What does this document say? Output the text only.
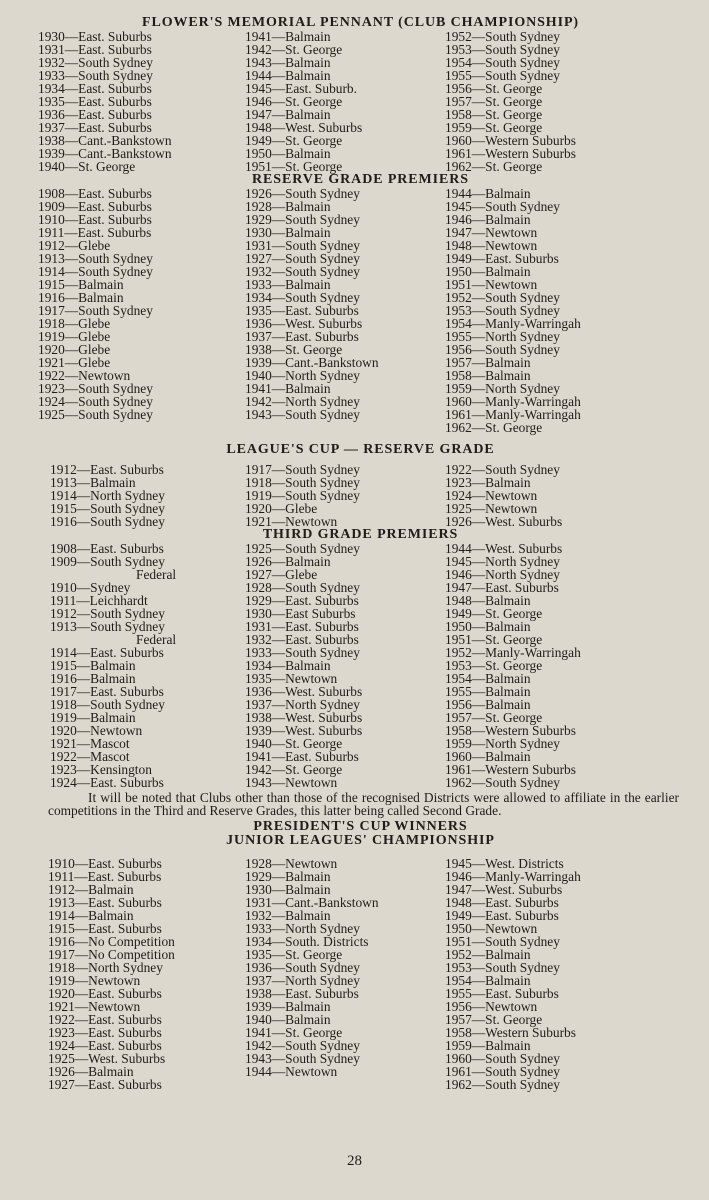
FLOWER'S MEMORIAL PENNANT (CLUB CHAMPIONSHIP)
1930—East. Suburbs
1931—East. Suburbs
1932—South Sydney
1933—South Sydney
1934—East. Suburbs
1935—East. Suburbs
1936—East. Suburbs
1937—East. Suburbs
1938—Cant.-Bankstown
1939—Cant.-Bankstown
1940—St. George
1941—Balmain
1942—St. George
1943—Balmain
1944—Balmain
1945—East. Suburb.
1946—St. George
1947—Balmain
1948—West. Suburbs
1949—St. George
1950—Balmain
1951—St. George
1952—South Sydney
1953—South Sydney
1954—South Sydney
1955—South Sydney
1956—St. George
1957—St. George
1958—St. George
1959—St. George
1960—Western Suburbs
1961—Western Suburbs
1962—St. George
RESERVE GRADE PREMIERS
1908—East. Suburbs
1909—East. Suburbs
1910—East. Suburbs
1911—East. Suburbs
1912—Glebe
1913—South Sydney
1914—South Sydney
1915—Balmain
1916—Balmain
1917—South Sydney
1918—Glebe
1919—Glebe
1920—Glebe
1921—Glebe
1922—Newtown
1923—South Sydney
1924—South Sydney
1925—South Sydney
1926—South Sydney
1928—Balmain
1929—South Sydney
1930—Balmain
1931—South Sydney
1927—South Sydney
1932—South Sydney
1933—Balmain
1934—South Sydney
1935—East. Suburbs
1936—West. Suburbs
1937—East. Suburbs
1938—St. George
1939—Cant.-Bankstown
1940—North Sydney
1941—Balmain
1942—North Sydney
1943—South Sydney
1944—Balmain
1945—South Sydney
1946—Balmain
1947—Newtown
1948—Newtown
1949—East. Suburbs
1950—Balmain
1951—Newtown
1952—South Sydney
1953—South Sydney
1954—Manly-Warringah
1955—North Sydney
1956—South Sydney
1957—Balmain
1958—Balmain
1959—North Sydney
1960—Manly-Warringah
1961—Manly-Warringah
1962—St. George
LEAGUE'S CUP — RESERVE GRADE
1912—East. Suburbs
1913—Balmain
1914—North Sydney
1915—South Sydney
1916—South Sydney
1917—South Sydney
1918—South Sydney
1919—South Sydney
1920—Glebe
1921—Newtown
1922—South Sydney
1923—Balmain
1924—Newtown
1925—Newtown
1926—West. Suburbs
THIRD GRADE PREMIERS
1908—East. Suburbs
1909—South Sydney
Federal
1910—Sydney
1911—Leichhardt
1912—South Sydney
1913—South Sydney
Federal
1914—East. Suburbs
1915—Balmain
1916—Balmain
1917—East. Suburbs
1918—South Sydney
1919—Balmain
1920—Newtown
1921—Mascot
1922—Mascot
1923—Kensington
1924—East. Suburbs
1925—South Sydney
1926—Balmain
1927—Glebe
1928—South Sydney
1929—East. Suburbs
1930—East Suburbs
1931—East. Suburbs
1932—East. Suburbs
1933—South Sydney
1934—Balmain
1935—Newtown
1936—West. Suburbs
1937—North Sydney
1938—West. Suburbs
1939—West. Suburbs
1940—St. George
1941—East. Suburbs
1942—St. George
1943—Newtown
1944—West. Suburbs
1945—North Sydney
1946—North Sydney
1947—East. Suburbs
1948—Balmain
1949—St. George
1950—Balmain
1951—St. George
1952—Manly-Warringah
1953—St. George
1954—Balmain
1955—Balmain
1956—Balmain
1957—St. George
1958—Western Suburbs
1959—North Sydney
1960—Balmain
1961—Western Suburbs
1962—South Sydney

It will be noted that Clubs other than those of the recognised Districts were allowed to affiliate in the earlier competitions in the Third and Reserve Grades, this latter being called Second Grade.

PRESIDENT'S CUP WINNERS
JUNIOR LEAGUES' CHAMPIONSHIP
1910—East. Suburbs
1911—East. Suburbs
1912—Balmain
1913—East. Suburbs
1914—Balmain
1915—East. Suburbs
1916—No Competition
1917—No Competition
1918—North Sydney
1919—Newtown
1920—East. Suburbs
1921—Newtown
1922—East. Suburbs
1923—East. Suburbs
1924—East. Suburbs
1925—West. Suburbs
1926—Balmain
1927—East. Suburbs
1928—Newtown
1929—Balmain
1930—Balmain
1931—Cant.-Bankstown
1932—Balmain
1933—North Sydney
1934—South. Districts
1935—St. George
1936—South Sydney
1937—North Sydney
1938—East. Suburbs
1939—Balmain
1940—Balmain
1941—St. George
1942—South Sydney
1943—South Sydney
1944—Newtown
1945—West. Districts
1946—Manly-Warringah
1947—West. Suburbs
1948—East. Suburbs
1949—East. Suburbs
1950—Newtown
1951—South Sydney
1952—Balmain
1953—South Sydney
1954—Balmain
1955—East. Suburbs
1956—Newtown
1957—St. George
1958—Western Suburbs
1959—Balmain
1960—South Sydney
1961—South Sydney
1962—South Sydney
28
